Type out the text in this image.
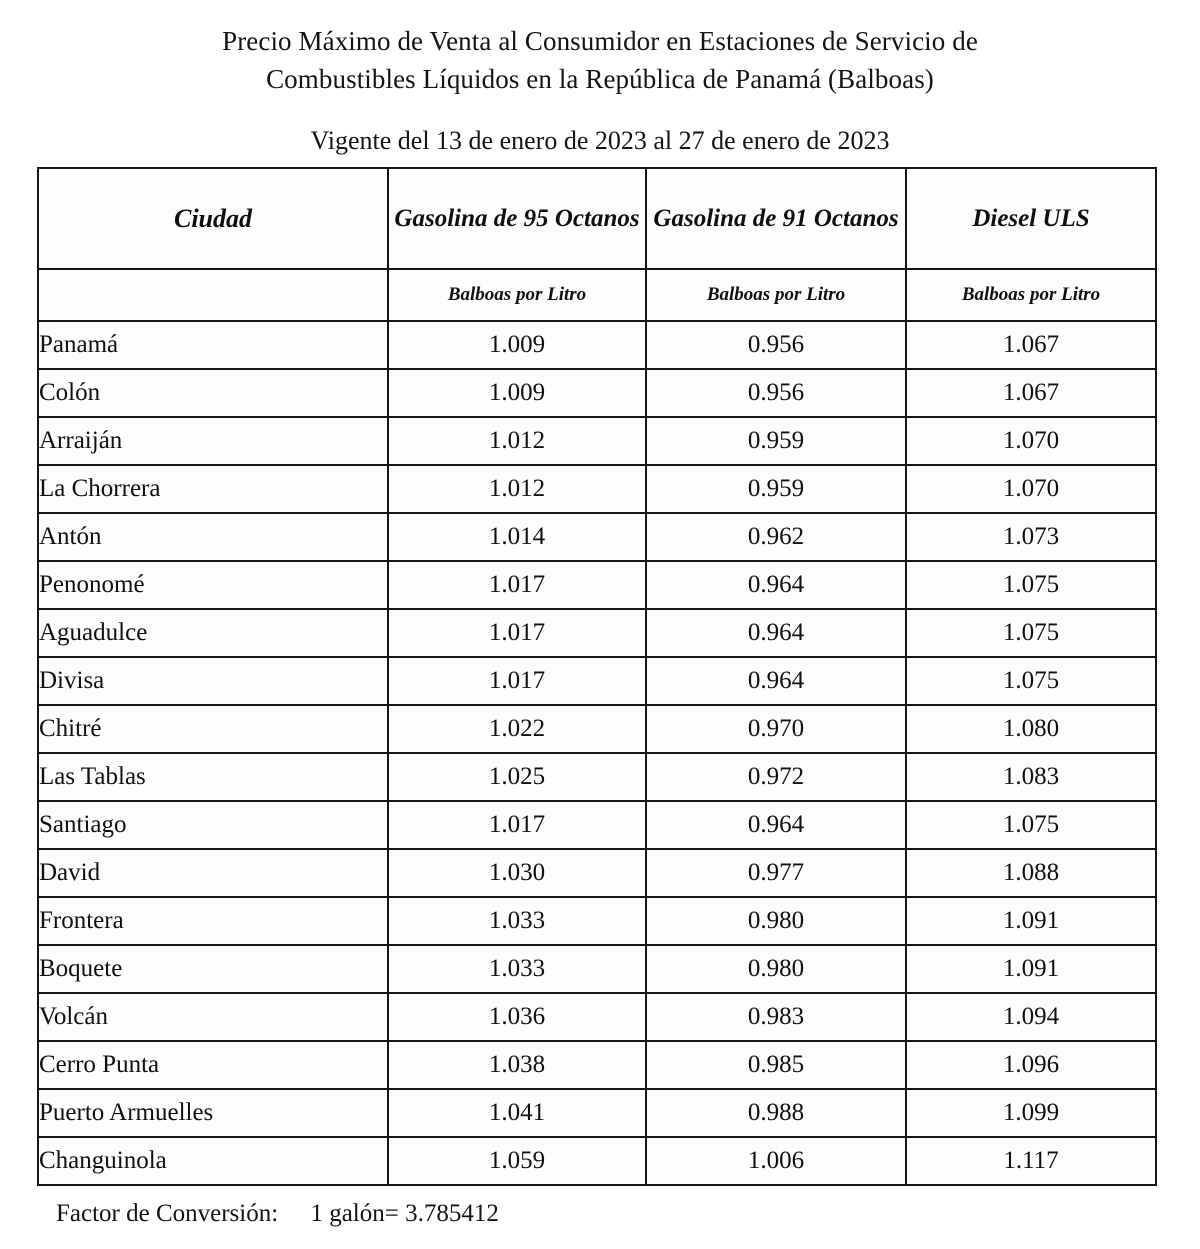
Precio Máximo de Venta al Consumidor en Estaciones de Servicio de
Combustibles Líquidos en la República de Panamá (Balboas)
Vigente del 13 de enero de 2023 al 27 de enero de 2023
Ciudad	Gasolina de 95 Octanos	Gasolina de 91 Octanos	Diesel ULS
	Balboas por Litro	Balboas por Litro	Balboas por Litro
Panamá	1.009	0.956	1.067
Colón	1.009	0.956	1.067
Arraiján	1.012	0.959	1.070
La Chorrera	1.012	0.959	1.070
Antón	1.014	0.962	1.073
Penonomé	1.017	0.964	1.075
Aguadulce	1.017	0.964	1.075
Divisa	1.017	0.964	1.075
Chitré	1.022	0.970	1.080
Las Tablas	1.025	0.972	1.083
Santiago	1.017	0.964	1.075
David	1.030	0.977	1.088
Frontera	1.033	0.980	1.091
Boquete	1.033	0.980	1.091
Volcán	1.036	0.983	1.094
Cerro Punta	1.038	0.985	1.096
Puerto Armuelles	1.041	0.988	1.099
Changuinola	1.059	1.006	1.117
Factor de Conversión: 1 galón= 3.785412
